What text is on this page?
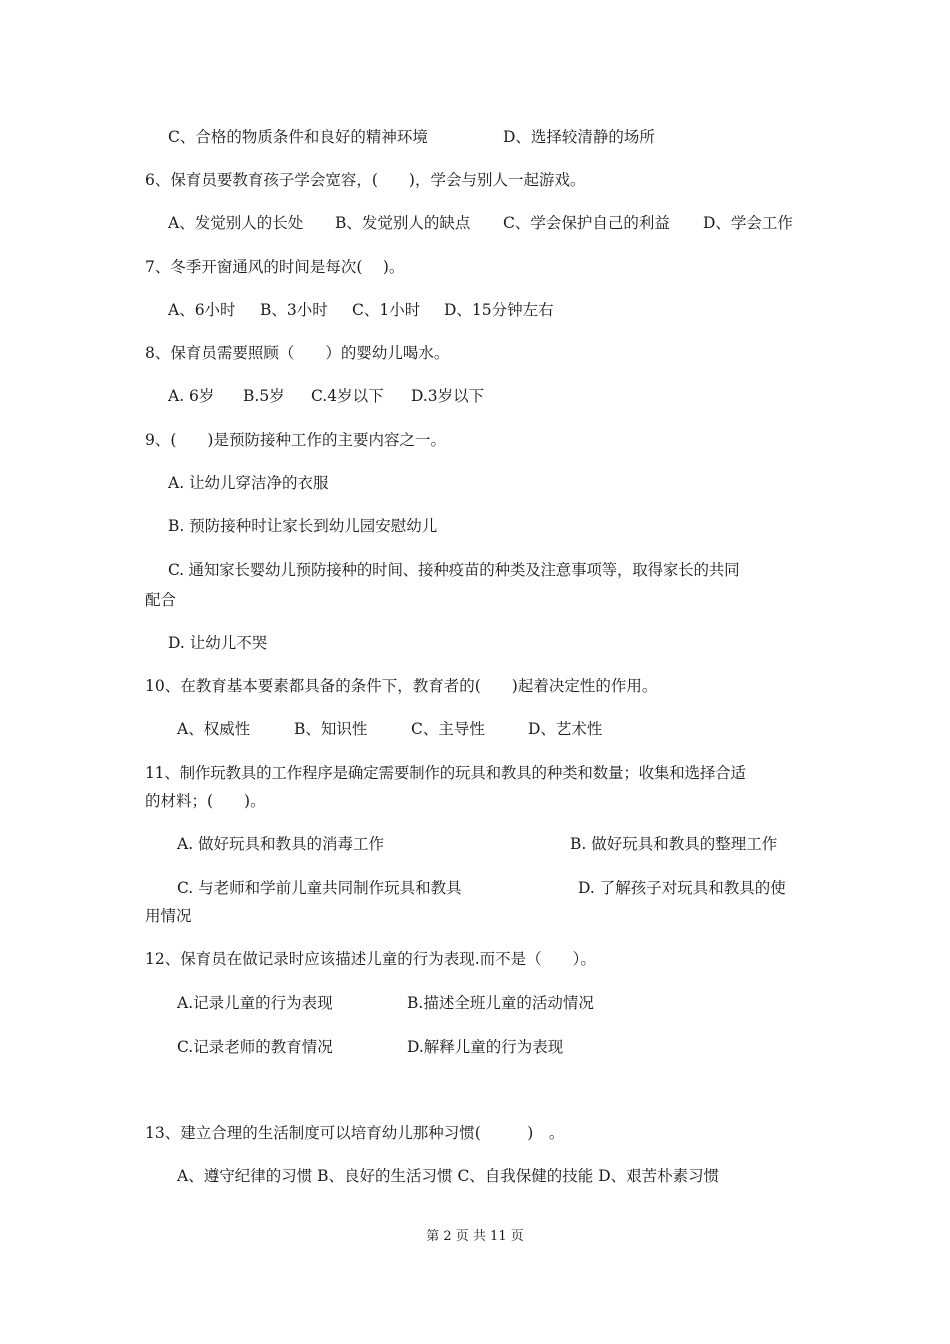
C、合格的物质条件和良好的精神环境	D、选择较清静的场所
6、保育员要教育孩子学会宽容，(　　)，学会与别人一起游戏。
A、发觉别人的长处 B、发觉别人的缺点 C、学会保护自己的利益 D、学会工作
7、冬季开窗通风的时间是每次(　 )。
A、6小时 B、3小时 C、1小时 D、15分钟左右
8、保育员需要照顾（　　）的婴幼儿喝水。
A. 6岁 B.5岁 C.4岁以下 D.3岁以下
9、(　　)是预防接种工作的主要内容之一。
A. 让幼儿穿洁净的衣服
B. 预防接种时让家长到幼儿园安慰幼儿
C. 通知家长婴幼儿预防接种的时间、接种疫苗的种类及注意事项等，取得家长的共同
配合
D. 让幼儿不哭
10、在教育基本要素都具备的条件下，教育者的(　　)起着决定性的作用。
A、权威性	B、知识性	C、主导性	D、艺术性
11、制作玩教具的工作程序是确定需要制作的玩具和教具的种类和数量；收集和选择合适
的材料；(　　)。
A. 做好玩具和教具的消毒工作	B. 做好玩具和教具的整理工作
C. 与老师和学前儿童共同制作玩具和教具	D. 了解孩子对玩具和教具的使
用情况
12、保育员在做记录时应该描述儿童的行为表现.而不是（　　）。
A.记录儿童的行为表现	B.描述全班儿童的活动情况
C.记录老师的教育情况	D.解释儿童的行为表现
13、建立合理的生活制度可以培育幼儿那种习惯(　　　)　。
A、遵守纪律的习惯 B、良好的生活习惯 C、自我保健的技能 D、艰苦朴素习惯
第 2 页 共 11 页
